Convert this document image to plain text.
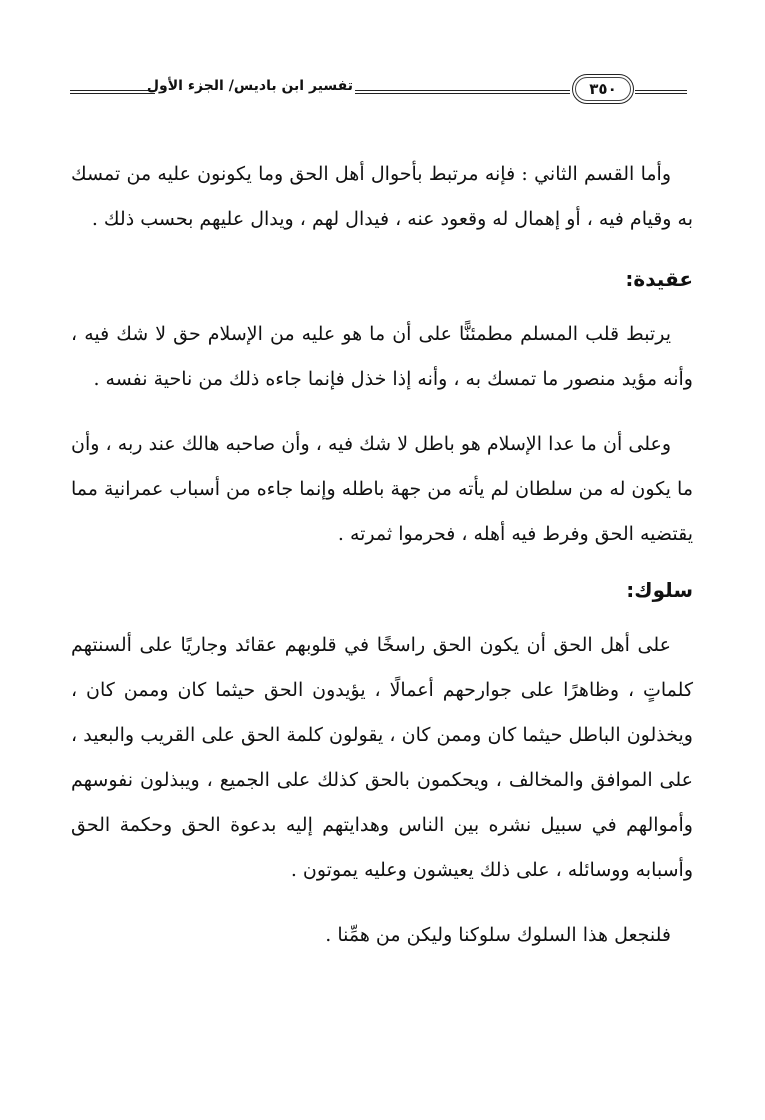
تفسير ابن باديس/ الجزء الأول	٣٥٠

وأما القسم الثاني : فإنه مرتبط بأحوال أهل الحق وما يكونون عليه من تمسك به وقيام فيه ، أو إهمال له وقعود عنه ، فيدال لهم ، ويدال عليهم بحسب ذلك .

عقيدة:

يرتبط قلب المسلم مطمئنًّا على أن ما هو عليه من الإسلام حق لا شك فيه ، وأنه مؤيد منصور ما تمسك به ، وأنه إذا خذل فإنما جاءه ذلك من ناحية نفسه .

وعلى أن ما عدا الإسلام هو باطل لا شك فيه ، وأن صاحبه هالك عند ربه ، وأن ما يكون له من سلطان لم يأته من جهة باطله وإنما جاءه من أسباب عمرانية مما يقتضيه الحق وفرط فيه أهله ، فحرموا ثمرته .

سلوك:

على أهل الحق أن يكون الحق راسخًا في قلوبهم عقائد وجاريًا على ألسنتهم كلماتٍ ، وظاهرًا على جوارحهم أعمالًا ، يؤيدون الحق حيثما كان وممن كان ، ويخذلون الباطل حيثما كان وممن كان ، يقولون كلمة الحق على القريب والبعيد ، على الموافق والمخالف ، ويحكمون بالحق كذلك على الجميع ، ويبذلون نفوسهم وأموالهم في سبيل نشره بين الناس وهدايتهم إليه بدعوة الحق وحكمة الحق وأسبابه ووسائله ، على ذلك يعيشون وعليه يموتون .

فلنجعل هذا السلوك سلوكنا وليكن من همِّنا .
